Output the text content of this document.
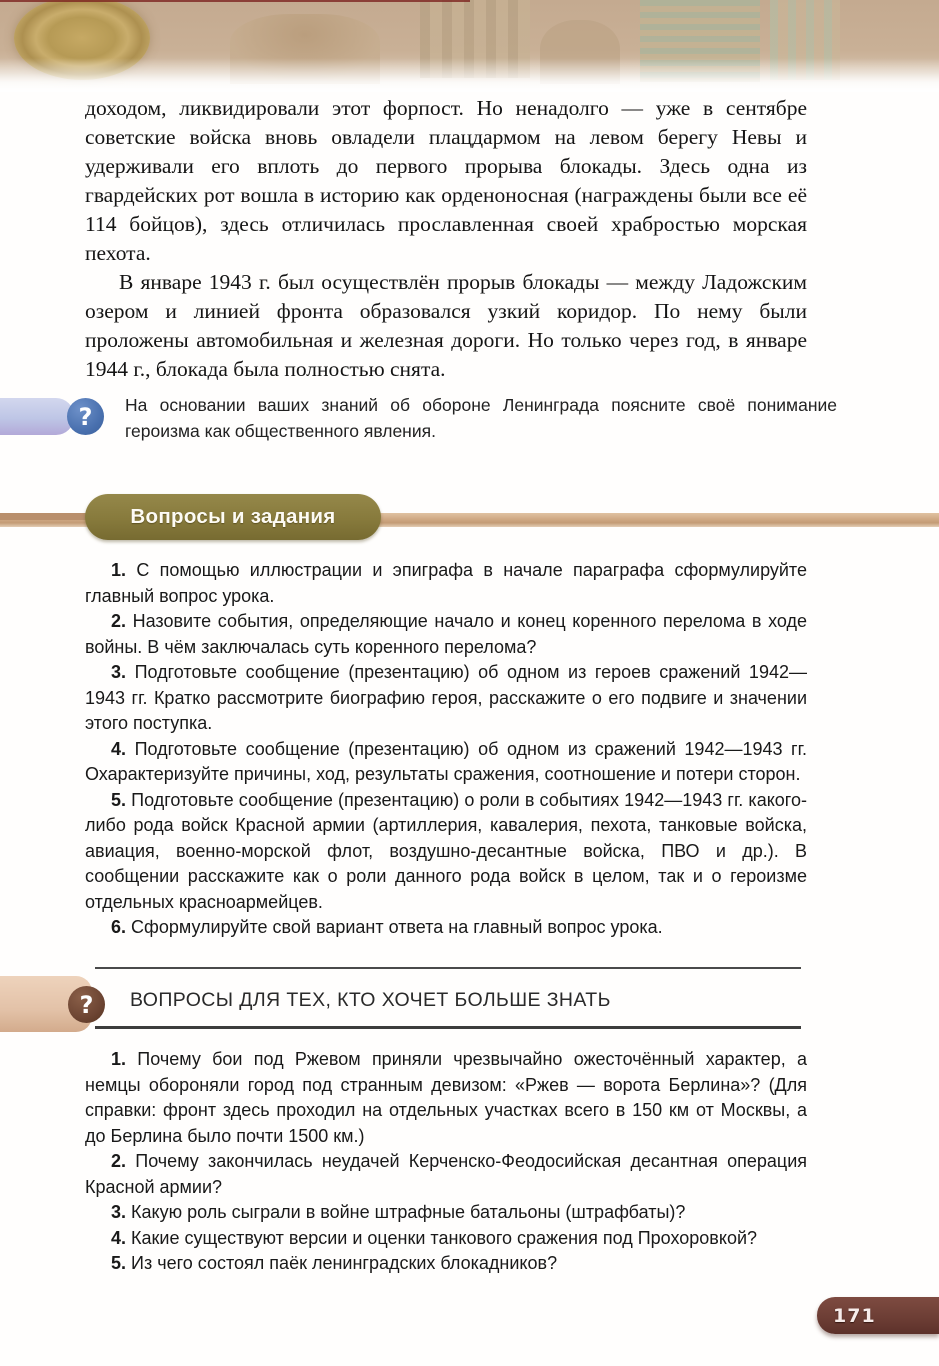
доходом, ликвидировали этот форпост. Но ненадолго — уже в сентябре советские войска вновь овладели плацдармом на левом берегу Невы и удерживали его вплоть до первого прорыва блокады. Здесь одна из гвардейских рот вошла в историю как орденоносная (награждены были все её 114 бойцов), здесь отличилась прославленная своей храбростью морская пехота.

В январе 1943 г. был осуществлён прорыв блокады — между Ладожским озером и линией фронта образовался узкий коридор. По нему были проложены автомобильная и железная дороги. Но только через год, в январе 1944 г., блокада была полностью снята.

?	На основании ваших знаний об обороне Ленинграда поясните своё понимание героизма как общественного явления.
Вопросы и задания

1. С помощью иллюстрации и эпиграфа в начале параграфа сформулируйте главный вопрос урока.

2. Назовите события, определяющие начало и конец коренного перелома в ходе войны. В чём заключалась суть коренного перелома?

3. Подготовьте сообщение (презентацию) об одном из героев сражений 1942—1943 гг. Кратко рассмотрите биографию героя, расскажите о его подвиге и значении этого поступка.

4. Подготовьте сообщение (презентацию) об одном из сражений 1942—1943 гг. Охарактеризуйте причины, ход, результаты сражения, соотношение и потери сторон.

5. Подготовьте сообщение (презентацию) о роли в событиях 1942—1943 гг. какого-либо рода войск Красной армии (артиллерия, кавалерия, пехота, танковые войска, авиация, военно-морской флот, воздушно-десантные войска, ПВО и др.). В сообщении расскажите как о роли данного рода войск в целом, так и о героизме отдельных красноармейцев.

6. Сформулируйте свой вариант ответа на главный вопрос урока.

?	ВОПРОСЫ ДЛЯ ТЕХ, КТО ХОЧЕТ БОЛЬШЕ ЗНАТЬ

1. Почему бои под Ржевом приняли чрезвычайно ожесточённый характер, а немцы обороняли город под странным девизом: «Ржев — ворота Берлина»? (Для справки: фронт здесь проходил на отдельных участках всего в 150 км от Москвы, а до Берлина было почти 1500 км.)

2. Почему закончилась неудачей Керченско-Феодосийская десантная операция Красной армии?

3. Какую роль сыграли в войне штрафные батальоны (штрафбаты)?

4. Какие существуют версии и оценки танкового сражения под Прохоровкой?

5. Из чего состоял паёк ленинградских блокадников?

171
